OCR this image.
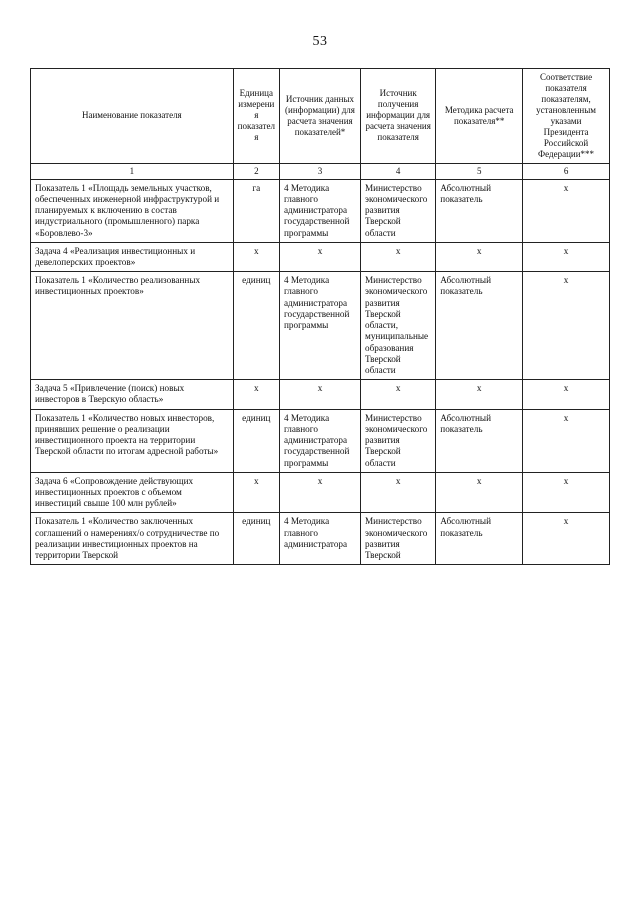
53
Наименование показателя	Единица измерения показателя	Источник данных (информации) для расчета значения показателей*	Источник получения информации для расчета значения показателя	Методика расчета показателя**	Соответствие показателя показателям, установленным указами Президента Российской Федерации***
1	2	3	4	5	6
Показатель 1 «Площадь земельных участков, обеспеченных инженерной инфраструктурой и планируемых к включению в состав индустриального (промышленного) парка «Боровлево-3»	га	4 Методика главного администратора государственной программы	Министерство экономического развития Тверской области	Абсолютный показатель	x
Задача 4 «Реализация инвестиционных и девелоперских проектов»	x	x	x	x	x
Показатель 1 «Количество реализованных инвестиционных проектов»	единиц	4 Методика главного администратора государственной программы	Министерство экономического развития Тверской области, муниципальные образования Тверской области	Абсолютный показатель	x
Задача 5 «Привлечение (поиск) новых инвесторов в Тверскую область»	x	x	x	x	x
Показатель 1 «Количество новых инвесторов, принявших решение о реализации инвестиционного проекта на территории Тверской области по итогам адресной работы»	единиц	4 Методика главного администратора государственной программы	Министерство экономического развития Тверской области	Абсолютный показатель	x
Задача 6 «Сопровождение действующих инвестиционных проектов с объемом инвестиций свыше 100 млн рублей»	x	x	x	x	x
Показатель 1 «Количество заключенных соглашений о намерениях/о сотрудничестве по реализации инвестиционных проектов на территории Тверской	единиц	4 Методика главного администратора	Министерство экономического развития Тверской	Абсолютный показатель	x
